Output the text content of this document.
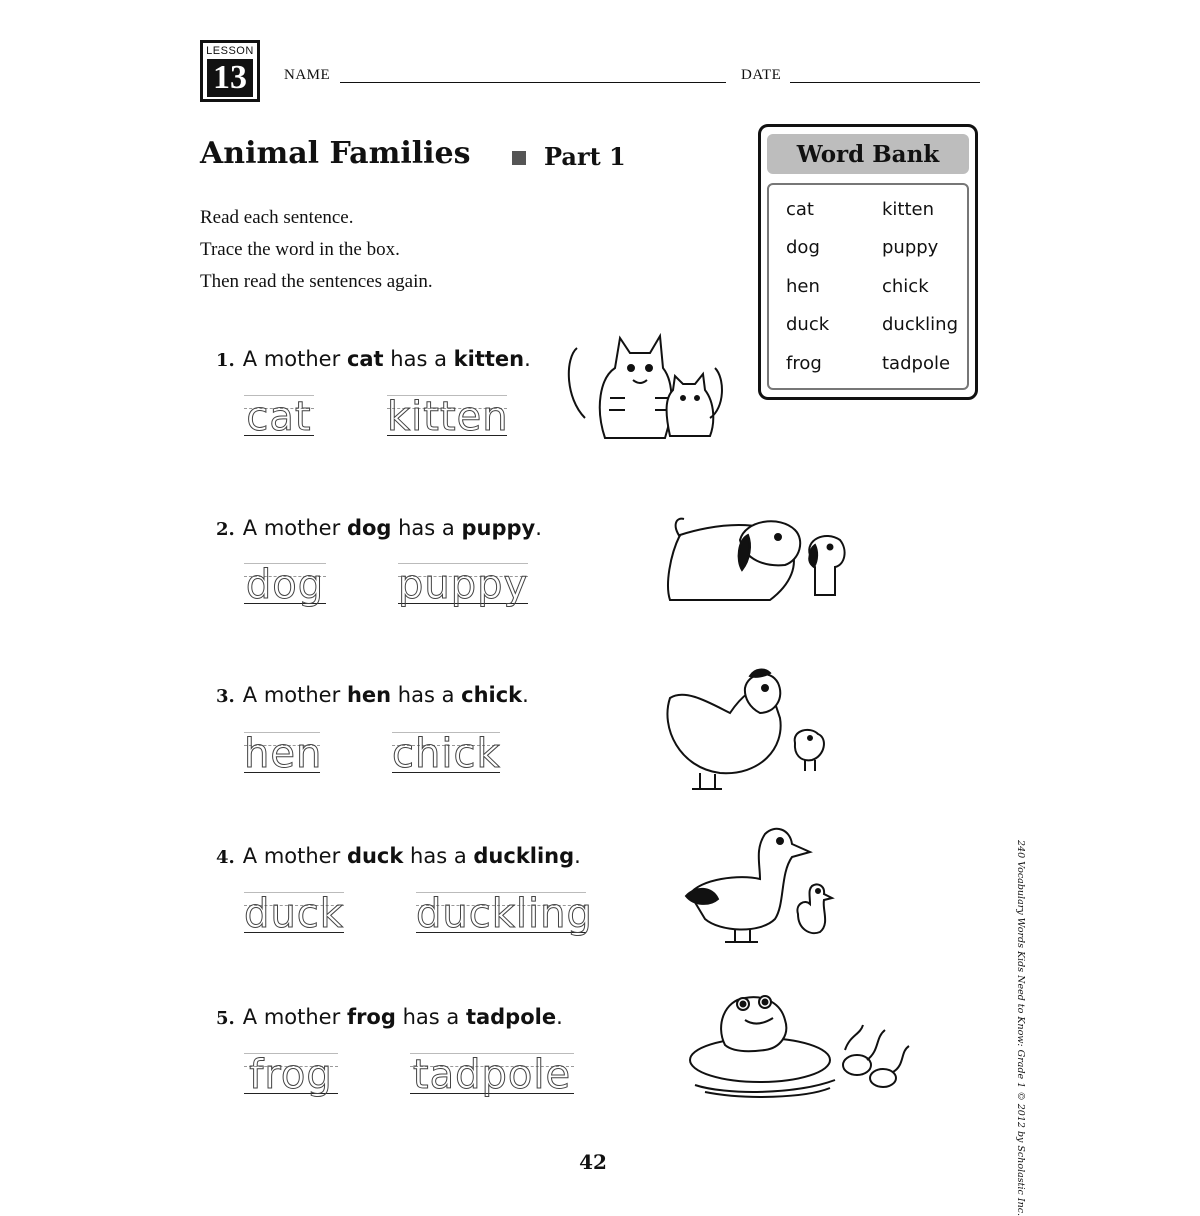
LESSON
13	NAME	DATE
Animal Families	Part 1
Read each sentence.
Trace the word in the box.
Then read the sentences again.
Word Bank
cat	kitten
dog	puppy
hen	chick
duck	duckling
frog	tadpole
1. A mother cat has a kitten.
cat kitten
2. A mother dog has a puppy.
dog puppy
3. A mother hen has a chick.
hen chick
4. A mother duck has a duckling.
duck duckling
5. A mother frog has a tadpole.
frog tadpole	240 Vocabulary Words Kids Need to Know: Grade 1 © 2012 by Scholastic Inc.
42
